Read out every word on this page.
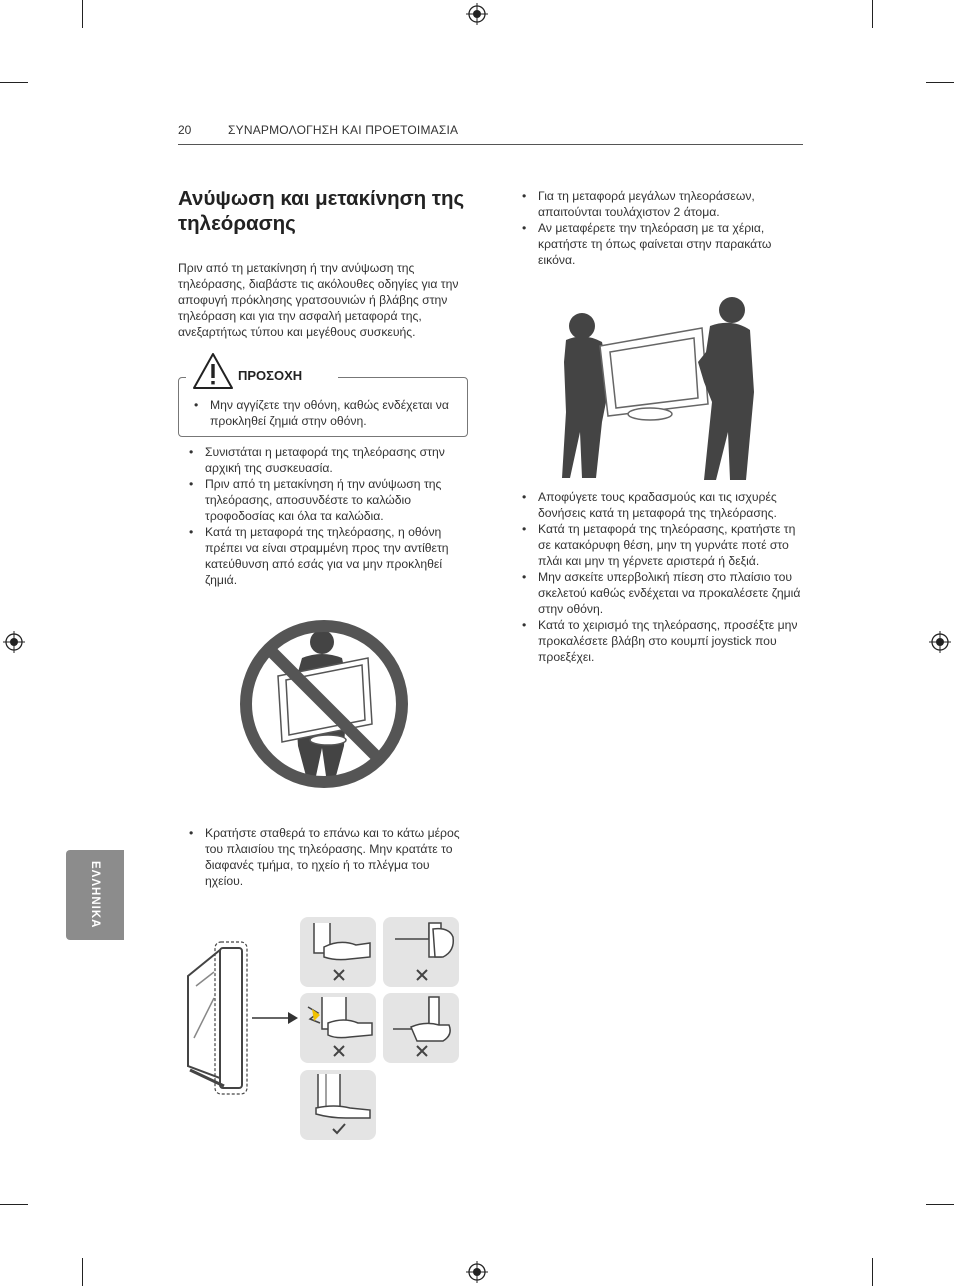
20	ΣΥΝΑΡΜΟΛΟΓΗΣΗ ΚΑΙ ΠΡΟΕΤΟΙΜΑΣΙΑ
Ανύψωση και μετακίνηση της τηλεόρασης
Πριν από τη μετακίνηση ή την ανύψωση της τηλεόρασης, διαβάστε τις ακόλουθες οδηγίες για την αποφυγή πρόκλησης γρατσουνιών ή βλάβης στην τηλεόραση και για την ασφαλή μεταφορά της, ανεξαρτήτως τύπου και μεγέθους συσκευής.
ΠΡΟΣΟΧΗ
• Μην αγγίζετε την οθόνη, καθώς ενδέχεται να προκληθεί ζημιά στην οθόνη.
• Συνιστάται η μεταφορά της τηλεόρασης στην αρχική της συσκευασία.
• Πριν από τη μετακίνηση ή την ανύψωση της τηλεόρασης, αποσυνδέστε το καλώδιο τροφοδοσίας και όλα τα καλώδια.
• Κατά τη μεταφορά της τηλεόρασης, η οθόνη πρέπει να είναι στραμμένη προς την αντίθετη κατεύθυνση από εσάς για να μην προκληθεί ζημιά.
• Κρατήστε σταθερά το επάνω και το κάτω μέρος του πλαισίου της τηλεόρασης. Μην κρατάτε το διαφανές τμήμα, το ηχείο ή το πλέγμα του ηχείου.
ΕΛΛΗΝΙΚΑ
• Για τη μεταφορά μεγάλων τηλεοράσεων, απαιτούνται τουλάχιστον 2 άτομα.
• Αν μεταφέρετε την τηλεόραση με τα χέρια, κρατήστε τη όπως φαίνεται στην παρακάτω εικόνα.
• Αποφύγετε τους κραδασμούς και τις ισχυρές δονήσεις κατά τη μεταφορά της τηλεόρασης.
• Κατά τη μεταφορά της τηλεόρασης, κρατήστε τη σε κατακόρυφη θέση, μην τη γυρνάτε ποτέ στο πλάι και μην τη γέρνετε αριστερά ή δεξιά.
• Μην ασκείτε υπερβολική πίεση στο πλαίσιο του σκελετού καθώς ενδέχεται να προκαλέσετε ζημιά στην οθόνη.
• Κατά το χειρισμό της τηλεόρασης, προσέξτε μην προκαλέσετε βλάβη στο κουμπί joystick που προεξέχει.
